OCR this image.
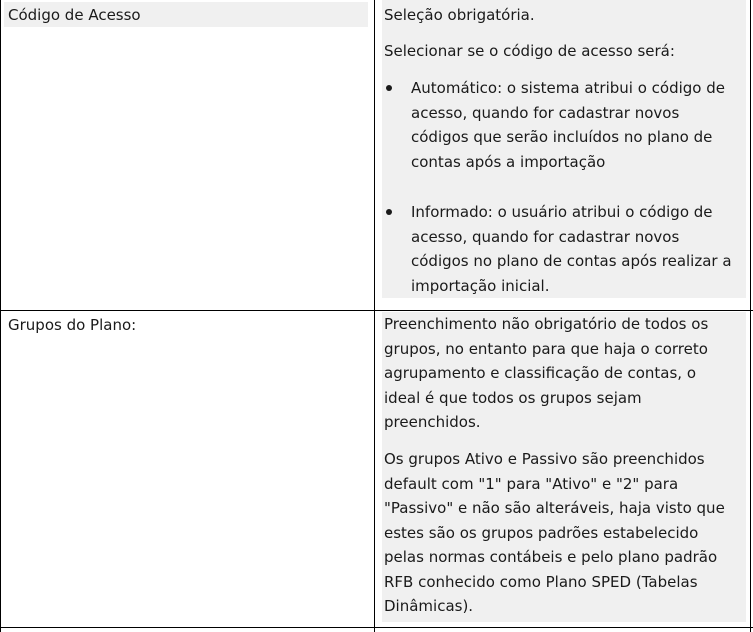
Código de Acesso	Seleção obrigatória.
Selecionar se o código de acesso será:
Automático: o sistema atribui o código de
acesso, quando for cadastrar novos
códigos que serão incluídos no plano de
contas após a importação
Informado: o usuário atribui o código de
acesso, quando for cadastrar novos
códigos no plano de contas após realizar a
importação inicial.
Grupos do Plano:	Preenchimento não obrigatório de todos os
grupos, no entanto para que haja o correto
agrupamento e classificação de contas, o
ideal é que todos os grupos sejam
preenchidos.
Os grupos Ativo e Passivo são preenchidos
default com "1" para "Ativo" e "2" para
"Passivo" e não são alteráveis, haja visto que
estes são os grupos padrões estabelecido
pelas normas contábeis e pelo plano padrão
RFB conhecido como Plano SPED (Tabelas
Dinâmicas).
